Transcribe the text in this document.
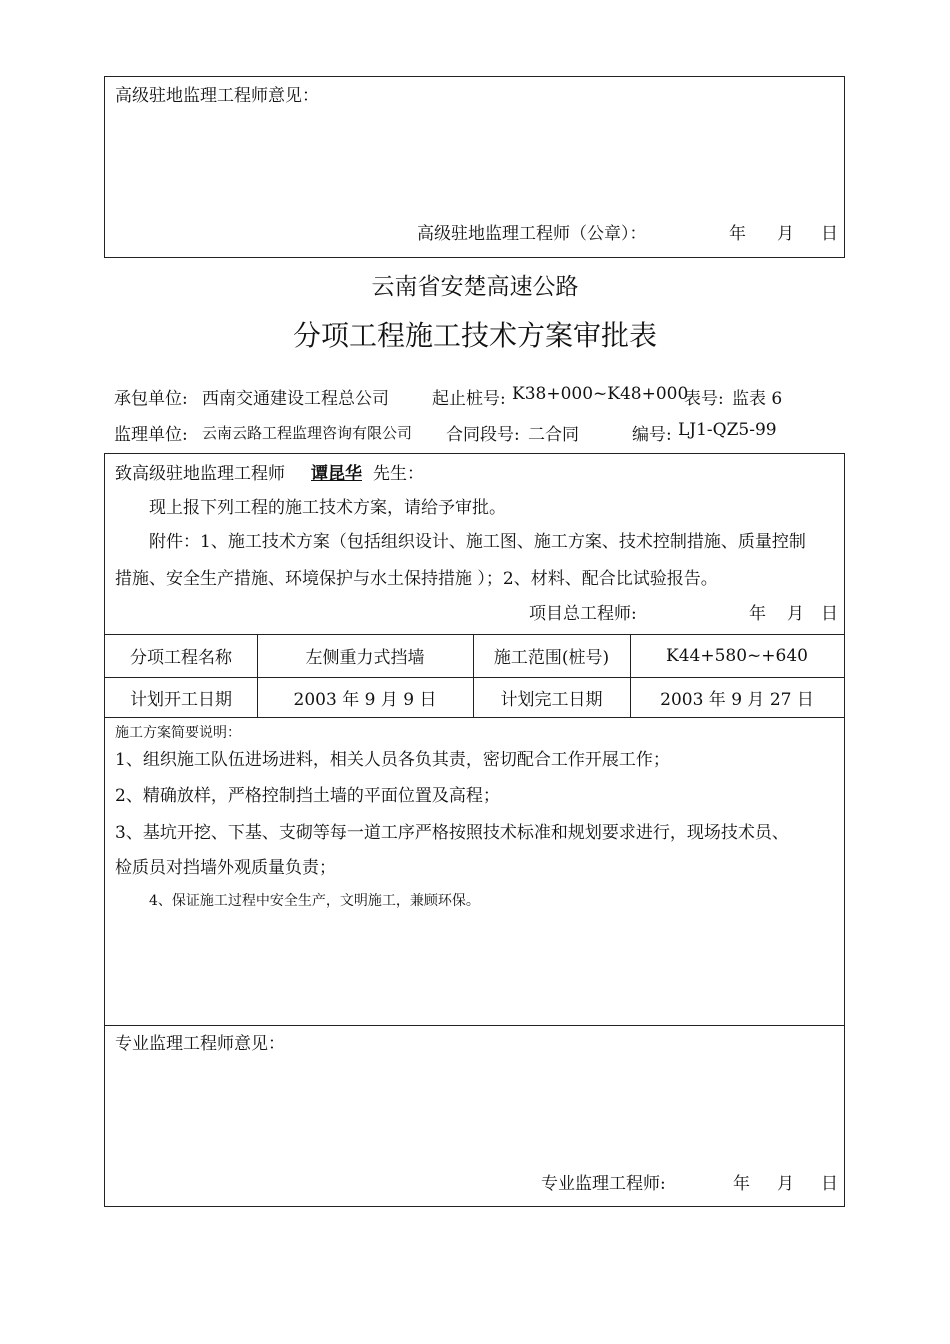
高级驻地监理工程师意见：
高级驻地监理工程师（公章）：	年 月 日
云南省安楚高速公路
分项工程施工技术方案审批表
承包单位: 西南交通建设工程总公司	起止桩号: K38+000~K48+000
表号: 监表 6
监理单位: 云南云路工程监理咨询有限公司 合同段号: 二合同	编号: LJ1-QZ5-99
致高级驻地监理工程师 谭昆华 先生：
现上报下列工程的施工技术方案，请给予审批。
附件：1、施工技术方案（包括组织设计、施工图、施工方案、技术控制措施、质量控制
措施、安全生产措施、环境保护与水土保持措施 ）；2、材料、配合比试验报告。
项目总工程师:	年 月 日
分项工程名称	左侧重力式挡墙	施工范围(桩号)	K44+580~+640
计划开工日期	2003 年 9 月 9 日	计划完工日期	2003 年 9 月 27 日
施工方案简要说明：
1、组织施工队伍进场进料，相关人员各负其责，密切配合工作开展工作；
2、精确放样，严格控制挡土墙的平面位置及高程；
3、基坑开挖、下基、支砌等每一道工序严格按照技术标准和规划要求进行，现场技术员、
检质员对挡墙外观质量负责；
4、保证施工过程中安全生产，文明施工，兼顾环保。
专业监理工程师意见：
专业监理工程师:	年 月 日
